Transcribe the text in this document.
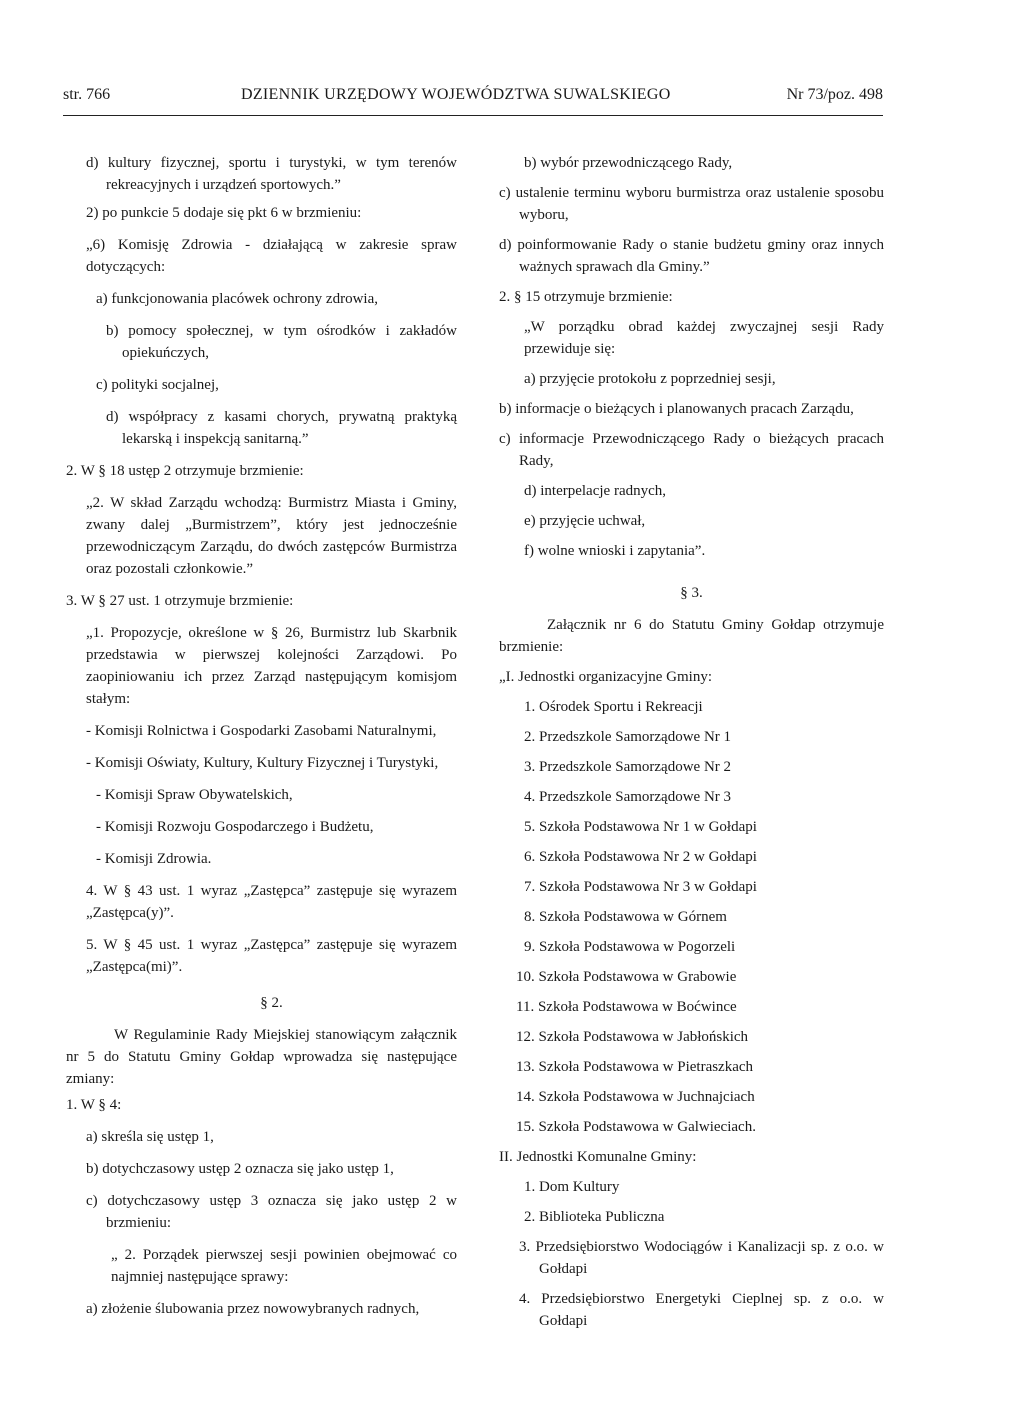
str. 766	DZIENNIK URZĘDOWY WOJEWÓDZTWA SUWALSKIEGO	Nr 73/poz. 498

d) kultury fizycznej, sportu i turystyki, w tym terenów rekreacyjnych i urządzeń sportowych.”

2) po punkcie 5 dodaje się pkt 6 w brzmieniu:

„6) Komisję Zdrowia - działającą w zakresie spraw dotyczących:

a) funkcjonowania placówek ochrony zdrowia,

b) pomocy społecznej, w tym ośrodków i zakładów opiekuńczych,

c) polityki socjalnej,

d) współpracy z kasami chorych, prywatną praktyką lekarską i inspekcją sanitarną.”

2. W § 18 ustęp 2 otrzymuje brzmienie:

„2. W skład Zarządu wchodzą: Burmistrz Miasta i Gminy, zwany dalej „Burmistrzem”, który jest jednocześnie przewodniczącym Zarządu, do dwóch zastępców Burmistrza oraz pozostali członkowie.”

3. W § 27 ust. 1 otrzymuje brzmienie:

„1. Propozycje, określone w § 26, Burmistrz lub Skarbnik przedstawia w pierwszej kolejności Zarządowi. Po zaopiniowaniu ich przez Zarząd następującym komisjom stałym:

- Komisji Rolnictwa i Gospodarki Zasobami Naturalnymi,

- Komisji Oświaty, Kultury, Kultury Fizycznej i Turystyki,

- Komisji Spraw Obywatelskich,

- Komisji Rozwoju Gospodarczego i Budżetu,

- Komisji Zdrowia.

4. W § 43 ust. 1 wyraz „Zastępca” zastępuje się wyrazem „Zastępca(y)”.

5. W § 45 ust. 1 wyraz „Zastępca” zastępuje się wyrazem „Zastępca(mi)”.

§ 2.

W Regulaminie Rady Miejskiej stanowiącym załącznik nr 5 do Statutu Gminy Gołdap wprowadza się następujące zmiany:

1. W § 4:

a) skreśla się ustęp 1,

b) dotychczasowy ustęp 2 oznacza się jako ustęp 1,

c) dotychczasowy ustęp 3 oznacza się jako ustęp 2 w brzmieniu:

„ 2. Porządek pierwszej sesji powinien obejmować co najmniej następujące sprawy:

a) złożenie ślubowania przez nowowybranych radnych,

b) wybór przewodniczącego Rady,

c) ustalenie terminu wyboru burmistrza oraz ustalenie sposobu wyboru,

d) poinformowanie Rady o stanie budżetu gminy oraz innych ważnych sprawach dla Gminy.”

2. § 15 otrzymuje brzmienie:

„W porządku obrad każdej zwyczajnej sesji Rady przewiduje się:

a) przyjęcie protokołu z poprzedniej sesji,

b) informacje o bieżących i planowanych pracach Zarządu,

c) informacje Przewodniczącego Rady o bieżących pracach Rady,

d) interpelacje radnych,

e) przyjęcie uchwał,

f) wolne wnioski i zapytania”.

§ 3.

Załącznik nr 6 do Statutu Gminy Gołdap otrzymuje brzmienie:

„I. Jednostki organizacyjne Gminy:

1. Ośrodek Sportu i Rekreacji

2. Przedszkole Samorządowe Nr 1

3. Przedszkole Samorządowe Nr 2

4. Przedszkole Samorządowe Nr 3

5. Szkoła Podstawowa Nr 1 w Gołdapi

6. Szkoła Podstawowa Nr 2 w Gołdapi

7. Szkoła Podstawowa Nr 3 w Gołdapi

8. Szkoła Podstawowa w Górnem

9. Szkoła Podstawowa w Pogorzeli

10. Szkoła Podstawowa w Grabowie

11. Szkoła Podstawowa w Boćwince

12. Szkoła Podstawowa w Jabłońskich

13. Szkoła Podstawowa w Pietraszkach

14. Szkoła Podstawowa w Juchnajciach

15. Szkoła Podstawowa w Galwieciach.

II. Jednostki Komunalne Gminy:

1. Dom Kultury

2. Biblioteka Publiczna

3. Przedsiębiorstwo Wodociągów i Kanalizacji sp. z o.o. w Gołdapi

4. Przedsiębiorstwo Energetyki Cieplnej sp. z o.o. w Gołdapi
